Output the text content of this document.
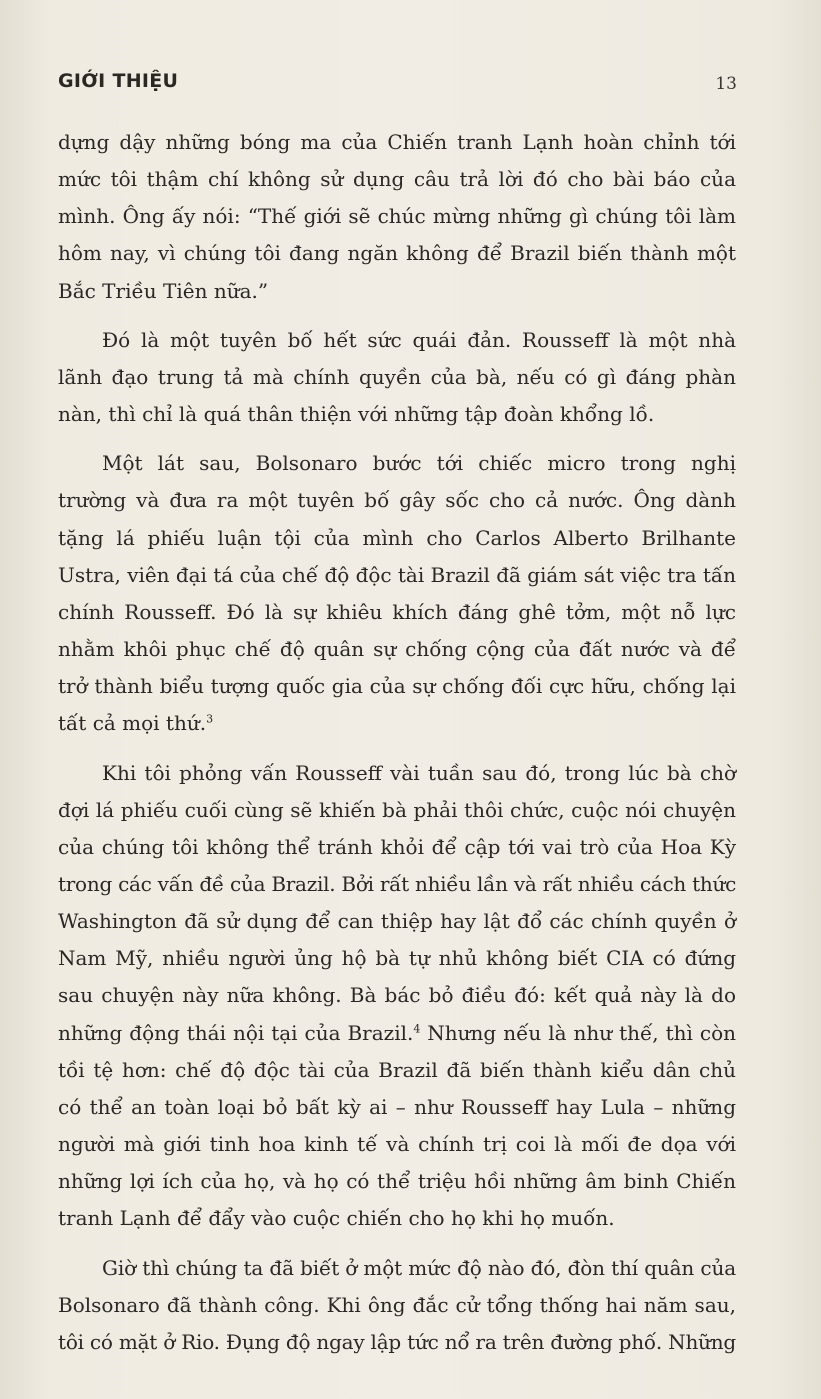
GIỚI THIỆU	13

dựng dậy những bóng ma của Chiến tranh Lạnh hoàn chỉnh tới
mức tôi thậm chí không sử dụng câu trả lời đó cho bài báo của
mình. Ông ấy nói: “Thế giới sẽ chúc mừng những gì chúng tôi làm
hôm nay, vì chúng tôi đang ngăn không để Brazil biến thành một
Bắc Triều Tiên nữa.”

Đó là một tuyên bố hết sức quái đản. Rousseff là một nhà
lãnh đạo trung tả mà chính quyền của bà, nếu có gì đáng phàn
nàn, thì chỉ là quá thân thiện với những tập đoàn khổng lồ.

Một lát sau, Bolsonaro bước tới chiếc micro trong nghị
trường và đưa ra một tuyên bố gây sốc cho cả nước. Ông dành
tặng lá phiếu luận tội của mình cho Carlos Alberto Brilhante
Ustra, viên đại tá của chế độ độc tài Brazil đã giám sát việc tra tấn
chính Rousseff. Đó là sự khiêu khích đáng ghê tởm, một nỗ lực
nhằm khôi phục chế độ quân sự chống cộng của đất nước và để
trở thành biểu tượng quốc gia của sự chống đối cực hữu, chống lại
tất cả mọi thứ.$^3$

Khi tôi phỏng vấn Rousseff vài tuần sau đó, trong lúc bà chờ
đợi lá phiếu cuối cùng sẽ khiến bà phải thôi chức, cuộc nói chuyện
của chúng tôi không thể tránh khỏi để cập tới vai trò của Hoa Kỳ
trong các vấn đề của Brazil. Bởi rất nhiều lần và rất nhiều cách thức
Washington đã sử dụng để can thiệp hay lật đổ các chính quyền ở
Nam Mỹ, nhiều người ủng hộ bà tự nhủ không biết CIA có đứng
sau chuyện này nữa không. Bà bác bỏ điều đó: kết quả này là do
những động thái nội tại của Brazil.$^4$ Nhưng nếu là như thế, thì còn
tồi tệ hơn: chế độ độc tài của Brazil đã biến thành kiểu dân chủ
có thể an toàn loại bỏ bất kỳ ai – như Rousseff hay Lula – những
người mà giới tinh hoa kinh tế và chính trị coi là mối đe dọa với
những lợi ích của họ, và họ có thể triệu hồi những âm binh Chiến
tranh Lạnh để đẩy vào cuộc chiến cho họ khi họ muốn.

Giờ thì chúng ta đã biết ở một mức độ nào đó, đòn thí quân của
Bolsonaro đã thành công. Khi ông đắc cử tổng thống hai năm sau,
tôi có mặt ở Rio. Đụng độ ngay lập tức nổ ra trên đường phố. Những
